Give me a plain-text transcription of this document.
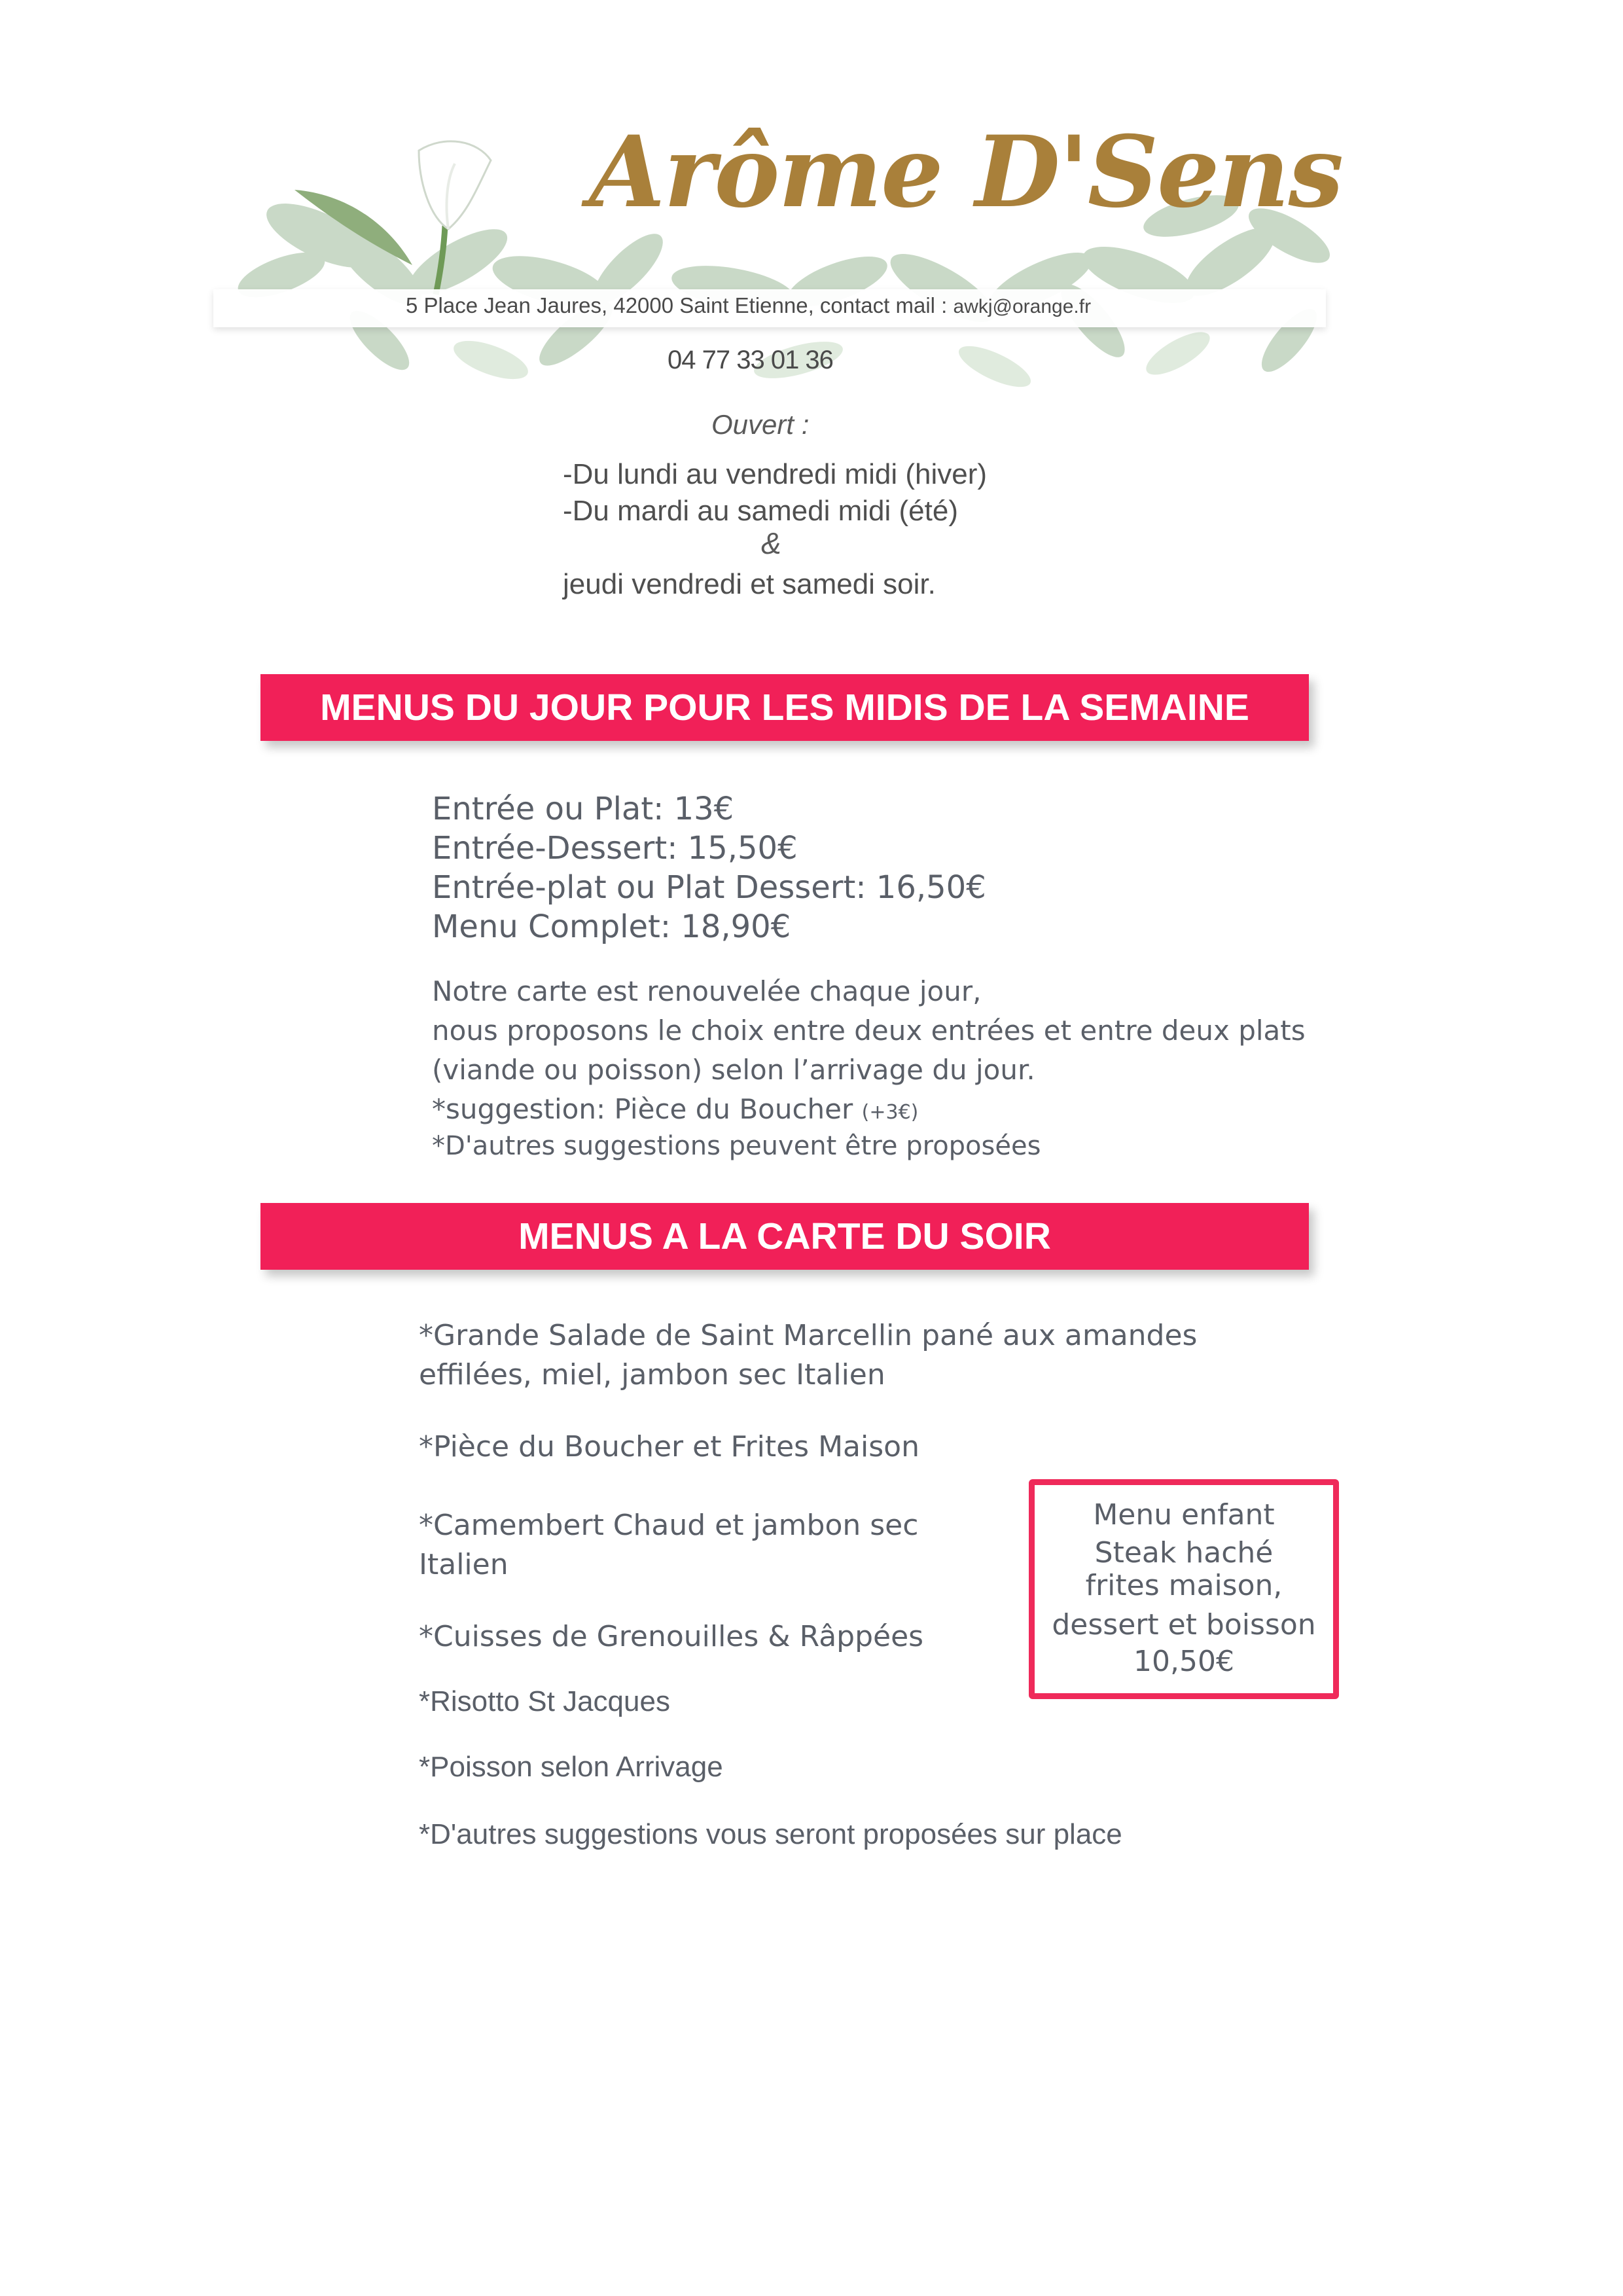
Arôme D'Sens
5 Place Jean Jaures, 42000 Saint Etienne, contact mail : awkj@orange.fr
04 77 33 01 36
Ouvert :
-Du lundi au vendredi midi (hiver)
-Du mardi au samedi midi (été)
&
jeudi vendredi et samedi soir.
MENUS DU JOUR POUR LES MIDIS DE LA SEMAINE
Entrée ou Plat: 13€
Entrée-Dessert: 15,50€
Entrée-plat ou Plat Dessert: 16,50€
Menu Complet: 18,90€
Notre carte est renouvelée chaque jour,
nous proposons le choix entre deux entrées et entre deux plats
(viande ou poisson) selon l’arrivage du jour.
*suggestion: Pièce du Boucher (+3€)
*D'autres suggestions peuvent être proposées
MENUS A LA CARTE DU SOIR
*Grande Salade de Saint Marcellin pané aux amandes
effilées, miel, jambon sec Italien
*Pièce du Boucher et Frites Maison
*Camembert Chaud et jambon sec
Italien
*Cuisses de Grenouilles & Râppées
*Risotto St Jacques
*Poisson selon Arrivage
*D'autres suggestions vous seront proposées sur place
Menu enfant
Steak haché
frites maison,
dessert et boisson
10,50€
